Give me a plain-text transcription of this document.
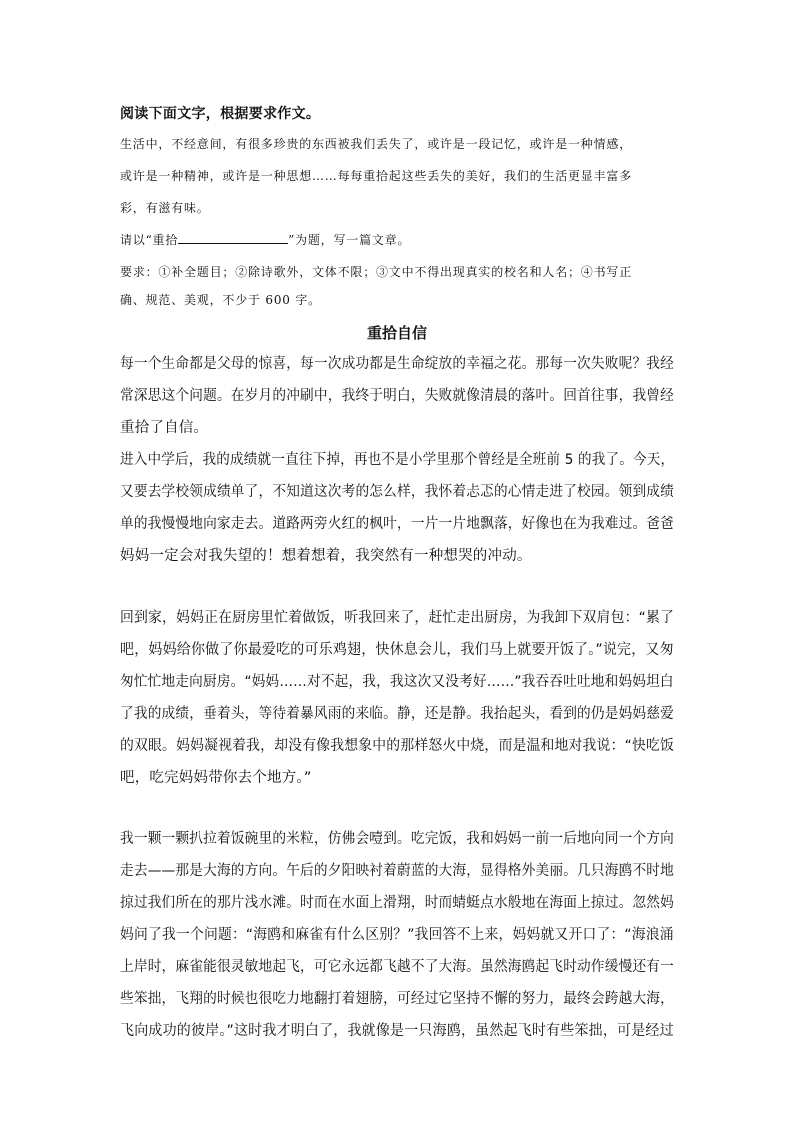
阅读下面文字，根据要求作文。
生活中，不经意间，有很多珍贵的东西被我们丢失了，或许是一段记忆，或许是一种情感，
或许是一种精神，或许是一种思想……每每重拾起这些丢失的美好，我们的生活更显丰富多
彩，有滋有味。
请以“重拾	”为题，写一篇文章。
要求：①补全题目；②除诗歌外，文体不限；③文中不得出现真实的校名和人名；④书写正
确、规范、美观，不少于 600 字。
重拾自信
每一个生命都是父母的惊喜，每一次成功都是生命绽放的幸福之花。那每一次失败呢？我经
常深思这个问题。在岁月的冲刷中，我终于明白，失败就像清晨的落叶。回首往事，我曾经
重拾了自信。
进入中学后，我的成绩就一直往下掉，再也不是小学里那个曾经是全班前 5 的我了。今天，
又要去学校领成绩单了，不知道这次考的怎么样，我怀着忐忑的心情走进了校园。领到成绩
单的我慢慢地向家走去。道路两旁火红的枫叶，一片一片地飘落，好像也在为我难过。爸爸
妈妈一定会对我失望的！想着想着，我突然有一种想哭的冲动。
回到家，妈妈正在厨房里忙着做饭，听我回来了，赶忙走出厨房，为我卸下双肩包：“累了
吧，妈妈给你做了你最爱吃的可乐鸡翅，快休息会儿，我们马上就要开饭了。”说完，又匆
匆忙忙地走向厨房。“妈妈……对不起，我，我这次又没考好……”我吞吞吐吐地和妈妈坦白
了我的成绩，垂着头，等待着暴风雨的来临。静，还是静。我抬起头，看到的仍是妈妈慈爱
的双眼。妈妈凝视着我，却没有像我想象中的那样怒火中烧，而是温和地对我说：“快吃饭
吧，吃完妈妈带你去个地方。”
我一颗一颗扒拉着饭碗里的米粒，仿佛会噎到。吃完饭，我和妈妈一前一后地向同一个方向
走去——那是大海的方向。午后的夕阳映衬着蔚蓝的大海，显得格外美丽。几只海鸥不时地
掠过我们所在的那片浅水滩。时而在水面上滑翔，时而蜻蜓点水般地在海面上掠过。忽然妈
妈问了我一个问题：“海鸥和麻雀有什么区别？”我回答不上来，妈妈就又开口了：“海浪涌
上岸时，麻雀能很灵敏地起飞，可它永远都飞越不了大海。虽然海鸥起飞时动作缓慢还有一
些笨拙，飞翔的时候也很吃力地翻打着翅膀，可经过它坚持不懈的努力，最终会跨越大海，
飞向成功的彼岸。”这时我才明白了，我就像是一只海鸥，虽然起飞时有些笨拙，可是经过
